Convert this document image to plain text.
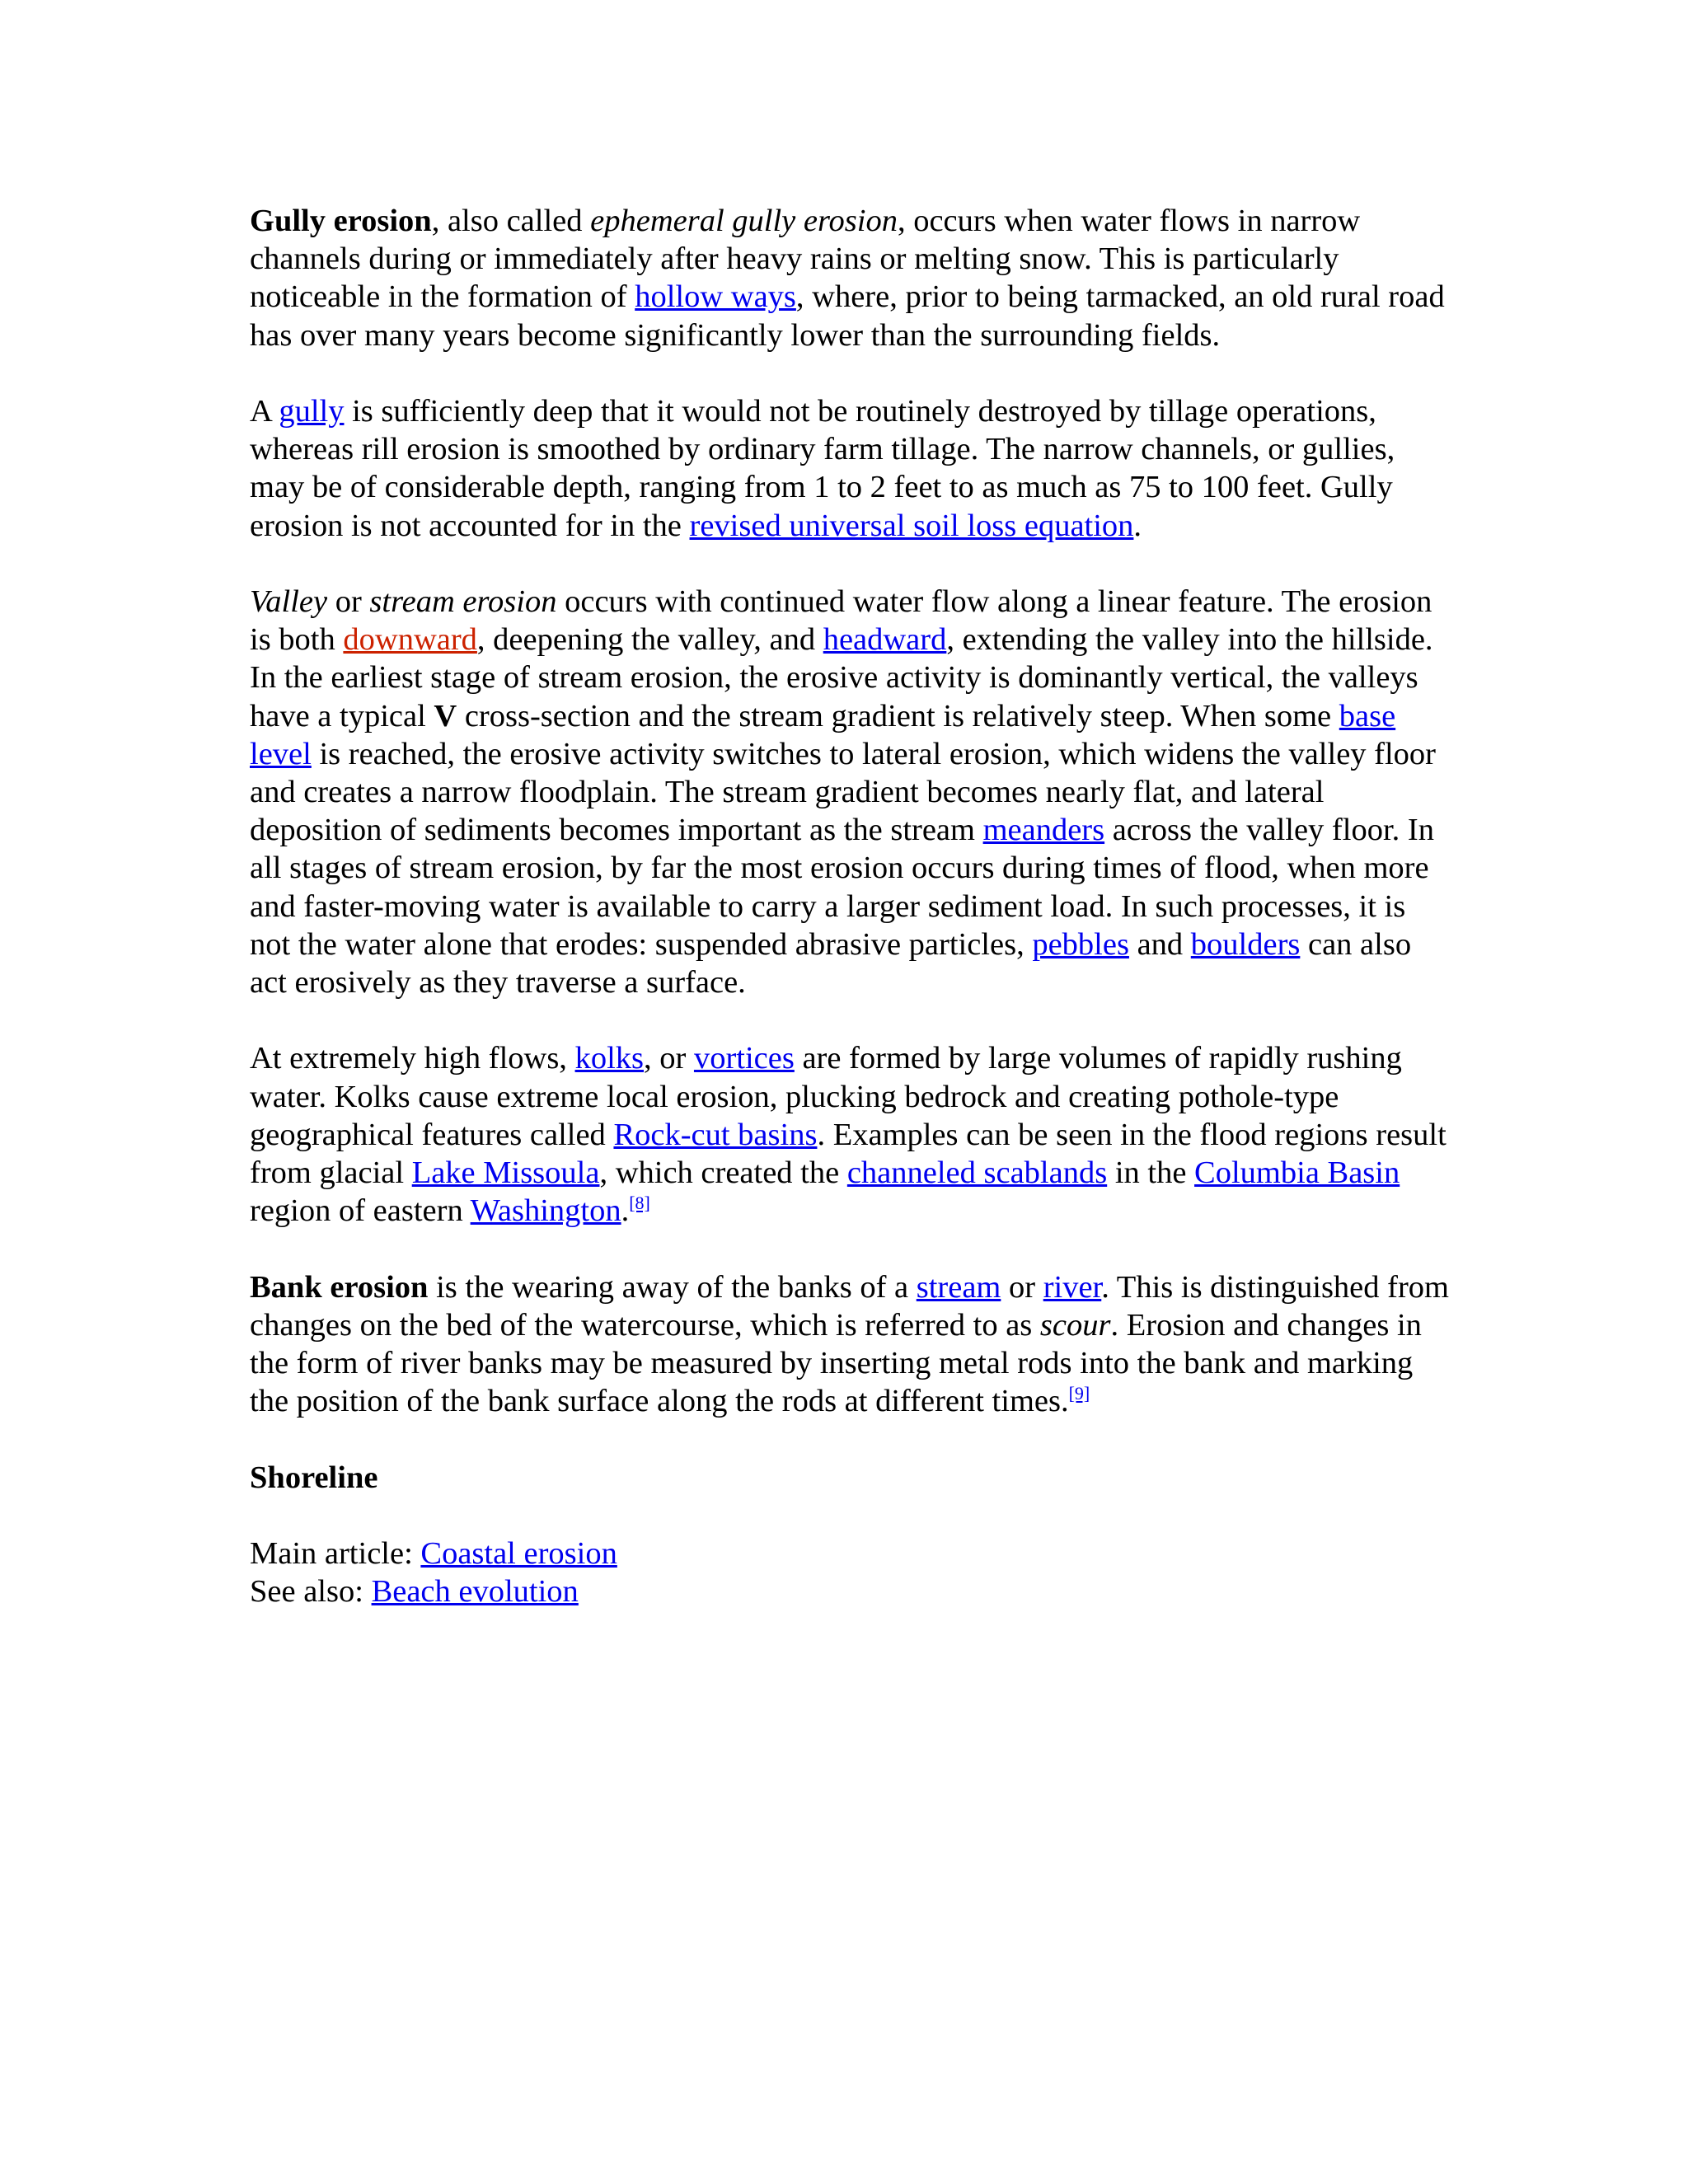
Gully erosion, also called ephemeral gully erosion, occurs when water flows in narrow channels during or immediately after heavy rains or melting snow. This is particularly noticeable in the formation of hollow ways, where, prior to being tarmacked, an old rural road has over many years become significantly lower than the surrounding fields.

A gully is sufficiently deep that it would not be routinely destroyed by tillage operations, whereas rill erosion is smoothed by ordinary farm tillage. The narrow channels, or gullies, may be of considerable depth, ranging from 1 to 2 feet to as much as 75 to 100 feet. Gully erosion is not accounted for in the revised universal soil loss equation.

Valley or stream erosion occurs with continued water flow along a linear feature. The erosion is both downward, deepening the valley, and headward, extending the valley into the hillside. In the earliest stage of stream erosion, the erosive activity is dominantly vertical, the valleys have a typical V cross-section and the stream gradient is relatively steep. When some base level is reached, the erosive activity switches to lateral erosion, which widens the valley floor and creates a narrow floodplain. The stream gradient becomes nearly flat, and lateral deposition of sediments becomes important as the stream meanders across the valley floor. In all stages of stream erosion, by far the most erosion occurs during times of flood, when more and faster-moving water is available to carry a larger sediment load. In such processes, it is not the water alone that erodes: suspended abrasive particles, pebbles and boulders can also act erosively as they traverse a surface.

At extremely high flows, kolks, or vortices are formed by large volumes of rapidly rushing water. Kolks cause extreme local erosion, plucking bedrock and creating pothole-type geographical features called Rock-cut basins. Examples can be seen in the flood regions result from glacial Lake Missoula, which created the channeled scablands in the Columbia Basin region of eastern Washington.[8]

Bank erosion is the wearing away of the banks of a stream or river. This is distinguished from changes on the bed of the watercourse, which is referred to as scour. Erosion and changes in the form of river banks may be measured by inserting metal rods into the bank and marking the position of the bank surface along the rods at different times.[9]

Shoreline

Main article: Coastal erosion

See also: Beach evolution
